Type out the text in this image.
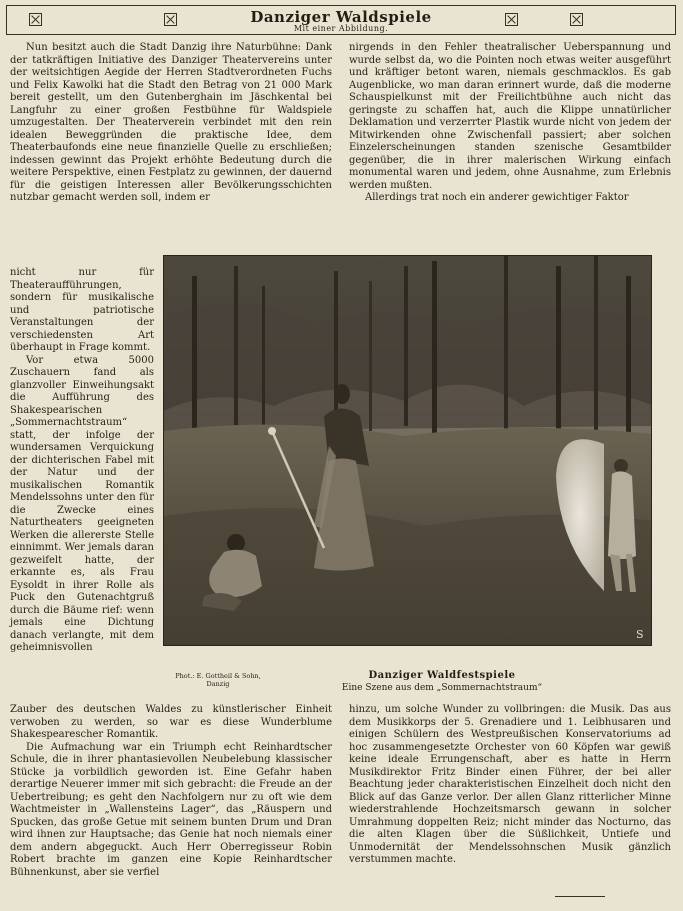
Danziger Waldspiele
Mit einer Abbildung.

Nun besitzt auch die Stadt Danzig ihre Naturbühne: Dank der tatkräftigen Initiative des Danziger Theatervereins unter der weitsichtigen Aegide der Herren Stadtverordneten Fuchs und Felix Kawolki hat die Stadt den Betrag von 21 000 Mark bereit gestellt, um den Gutenberghain im Jäschkental bei Langfuhr zu einer großen Festbühne für Waldspiele umzugestalten. Der Theaterverein verbindet mit den rein idealen Beweggründen die praktische Idee, dem Theaterbaufonds eine neue finanzielle Quelle zu erschließen; indessen gewinnt das Projekt erhöhte Bedeutung durch die weitere Perspektive, einen Festplatz zu gewinnen, der dauernd für die geistigen Interessen aller Bevölkerungsschichten nutzbar gemacht werden soll, indem er

nicht nur für Theateraufführungen, sondern für musikalische und patriotische Veranstaltungen der verschiedensten Art überhaupt in Frage kommt.

Vor etwa 5000 Zuschauern fand als glanzvoller Einweihungsakt die Aufführung des Shakespearischen „Sommernachtstraum“ statt, der infolge der wundersamen Verquickung der dichterischen Fabel mit der Natur und der musikalischen Romantik Mendelssohns unter den für die Zwecke eines Naturtheaters geeigneten Werken die allererste Stelle einnimmt. Wer jemals daran gezweifelt hatte, der erkannte es, als Frau Eysoldt in ihrer Rolle als Puck den Gutenachtgruß durch die Bäume rief: wenn jemals eine Dichtung danach verlangte, mit dem geheimnisvollen

Zauber des deutschen Waldes zu künstlerischer Einheit verwoben zu werden, so war es diese Wunderblume Shakespearescher Romantik.

Die Aufmachung war ein Triumph echt Reinhardtscher Schule, die in ihrer phantasievollen Neubelebung klassischer Stücke ja vorbildlich geworden ist. Eine Gefahr haben derartige Neuerer immer mit sich gebracht: die Freude an der Uebertreibung; es geht den Nachfolgern nur zu oft wie dem Wachtmeister in „Wallensteins Lager“, das „Räuspern und Spucken, das große Getue mit seinem bunten Drum und Dran wird ihnen zur Hauptsache; das Genie hat noch niemals einer dem andern abgeguckt. Auch Herr Oberregisseur Robin Robert brachte im ganzen eine Kopie Reinhardtscher Bühnenkunst, aber sie verfiel

nirgends in den Fehler theatralischer Ueberspannung und wurde selbst da, wo die Pointen noch etwas weiter ausgeführt und kräftiger betont waren, niemals geschmacklos. Es gab Augenblicke, wo man daran erinnert wurde, daß die moderne Schauspielkunst mit der Freilichtbühne auch nicht das geringste zu schaffen hat, auch die Klippe unnatürlicher Deklamation und verzerrter Plastik wurde nicht von jedem der Mitwirkenden ohne Zwischenfall passiert; aber solchen Einzelerscheinungen standen szenische Gesamtbilder gegenüber, die in ihrer malerischen Wirkung einfach monumental waren und jedem, ohne Ausnahme, zum Erlebnis werden mußten.

Allerdings trat noch ein anderer gewichtiger Faktor

hinzu, um solche Wunder zu vollbringen: die Musik. Das aus dem Musikkorps der 5. Grenadiere und 1. Leibhusaren und einigen Schülern des Westpreußischen Konservatoriums ad hoc zusammengesetzte Orchester von 60 Köpfen war gewiß keine ideale Errungenschaft, aber es hatte in Herrn Musikdirektor Fritz Binder einen Führer, der bei aller Beachtung jeder charakteristischen Einzelheit doch nicht den Blick auf das Ganze verlor. Der allen Glanz ritterlicher Minne wiederstrahlende Hochzeitsmarsch gewann in solcher Umrahmung doppelten Reiz; nicht minder das Nocturno, das die alten Klagen über die Süßlichkeit, Untiefe und Unmodernität der Mendelssohnschen Musik gänzlich verstummen machte.

S
Phot.: E. Gottheil & Sohn,
Danzig
Danziger Waldfestspiele
Eine Szene aus dem „Sommernachtstraum“
